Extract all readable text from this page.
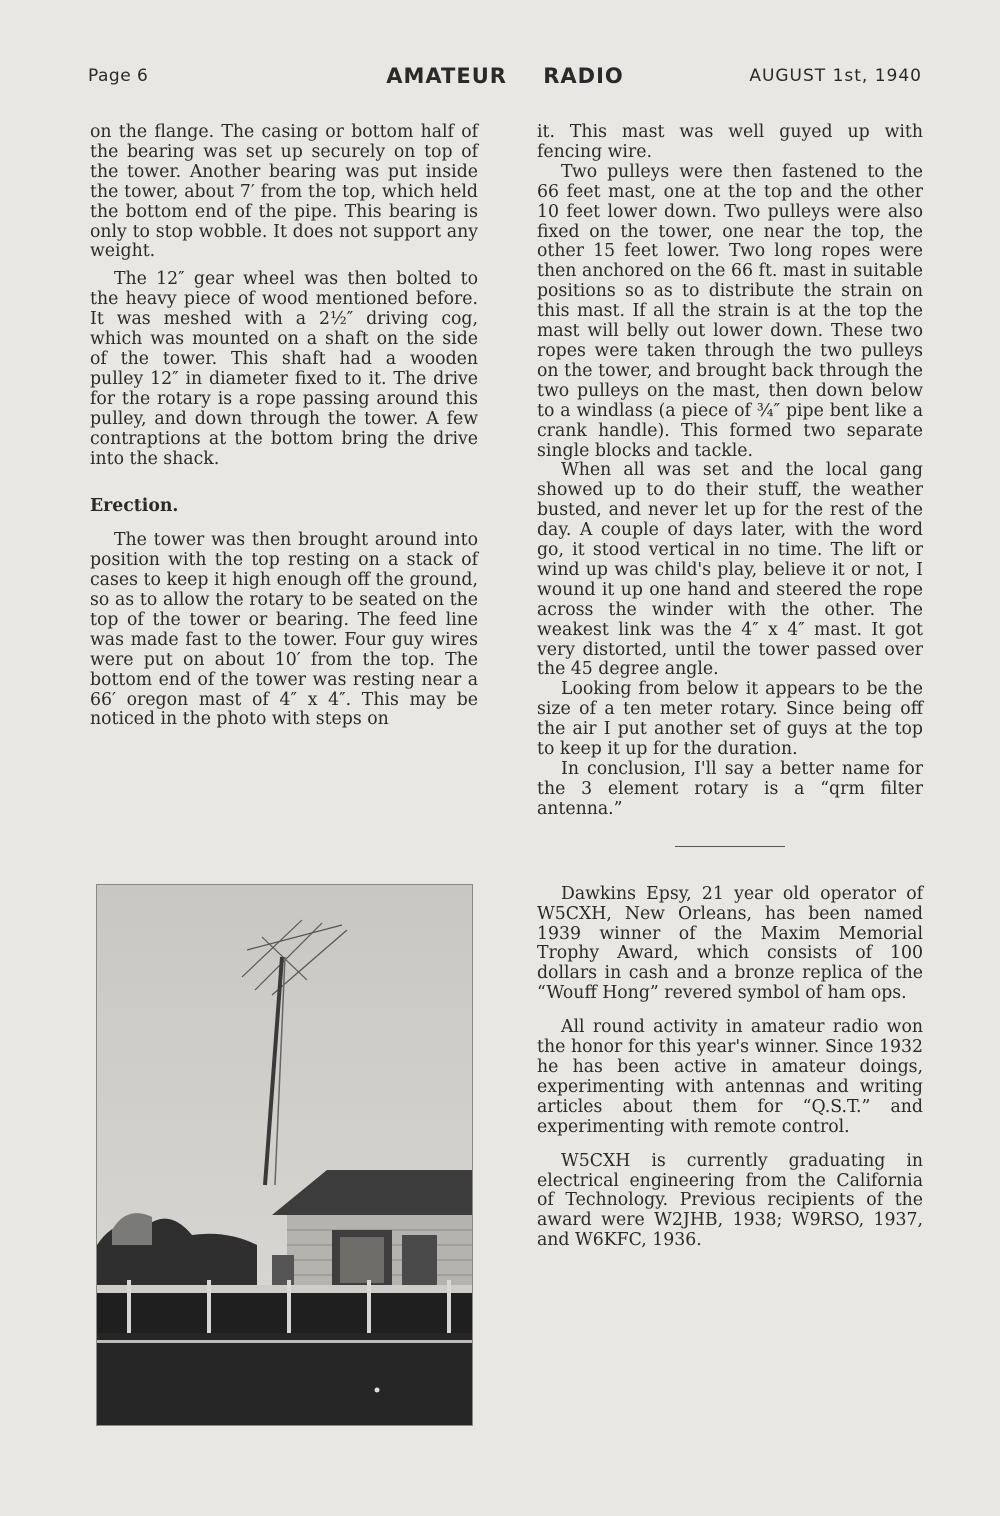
Page 6	AMATEUR RADIO	AUGUST 1st, 1940

on the flange. The casing or bottom half of the bearing was set up securely on top of the tower. Another bearing was put inside the tower, about 7′ from the top, which held the bottom end of the pipe. This bearing is only to stop wobble. It does not support any weight.

The 12″ gear wheel was then bolted to the heavy piece of wood mentioned before. It was meshed with a 2½″ driving cog, which was mounted on a shaft on the side of the tower. This shaft had a wooden pulley 12″ in diameter fixed to it. The drive for the rotary is a rope passing around this pulley, and down through the tower. A few contraptions at the bottom bring the drive into the shack.

Erection.

The tower was then brought around into position with the top resting on a stack of cases to keep it high enough off the ground, so as to allow the rotary to be seated on the top of the tower or bearing. The feed line was made fast to the tower. Four guy wires were put on about 10′ from the top. The bottom end of the tower was resting near a 66′ oregon mast of 4″ x 4″. This may be noticed in the photo with steps on

it. This mast was well guyed up with fencing wire.

Two pulleys were then fastened to the 66 feet mast, one at the top and the other 10 feet lower down. Two pulleys were also fixed on the tower, one near the top, the other 15 feet lower. Two long ropes were then anchored on the 66 ft. mast in suitable positions so as to distribute the strain on this mast. If all the strain is at the top the mast will belly out lower down. These two ropes were taken through the two pulleys on the tower, and brought back through the two pulleys on the mast, then down below to a windlass (a piece of ¾″ pipe bent like a crank handle). This formed two separate single blocks and tackle.

When all was set and the local gang showed up to do their stuff, the weather busted, and never let up for the rest of the day. A couple of days later, with the word go, it stood vertical in no time. The lift or wind up was child's play, believe it or not, I wound it up one hand and steered the rope across the winder with the other. The weakest link was the 4″ x 4″ mast. It got very distorted, until the tower passed over the 45 degree angle.

Looking from below it appears to be the size of a ten meter rotary. Since being off the air I put another set of guys at the top to keep it up for the duration.

In conclusion, I'll say a better name for the 3 element rotary is a “qrm filter antenna.”

Dawkins Epsy, 21 year old operator of W5CXH, New Orleans, has been named 1939 winner of the Maxim Memorial Trophy Award, which consists of 100 dollars in cash and a bronze replica of the “Wouff Hong” revered symbol of ham ops.

All round activity in amateur radio won the honor for this year's winner. Since 1932 he has been active in amateur doings, experimenting with antennas and writing articles about them for “Q.S.T.” and experimenting with remote control.

W5CXH is currently graduating in electrical engineering from the California of Technology. Previous recipients of the award were W2JHB, 1938; W9RSO, 1937, and W6KFC, 1936.
